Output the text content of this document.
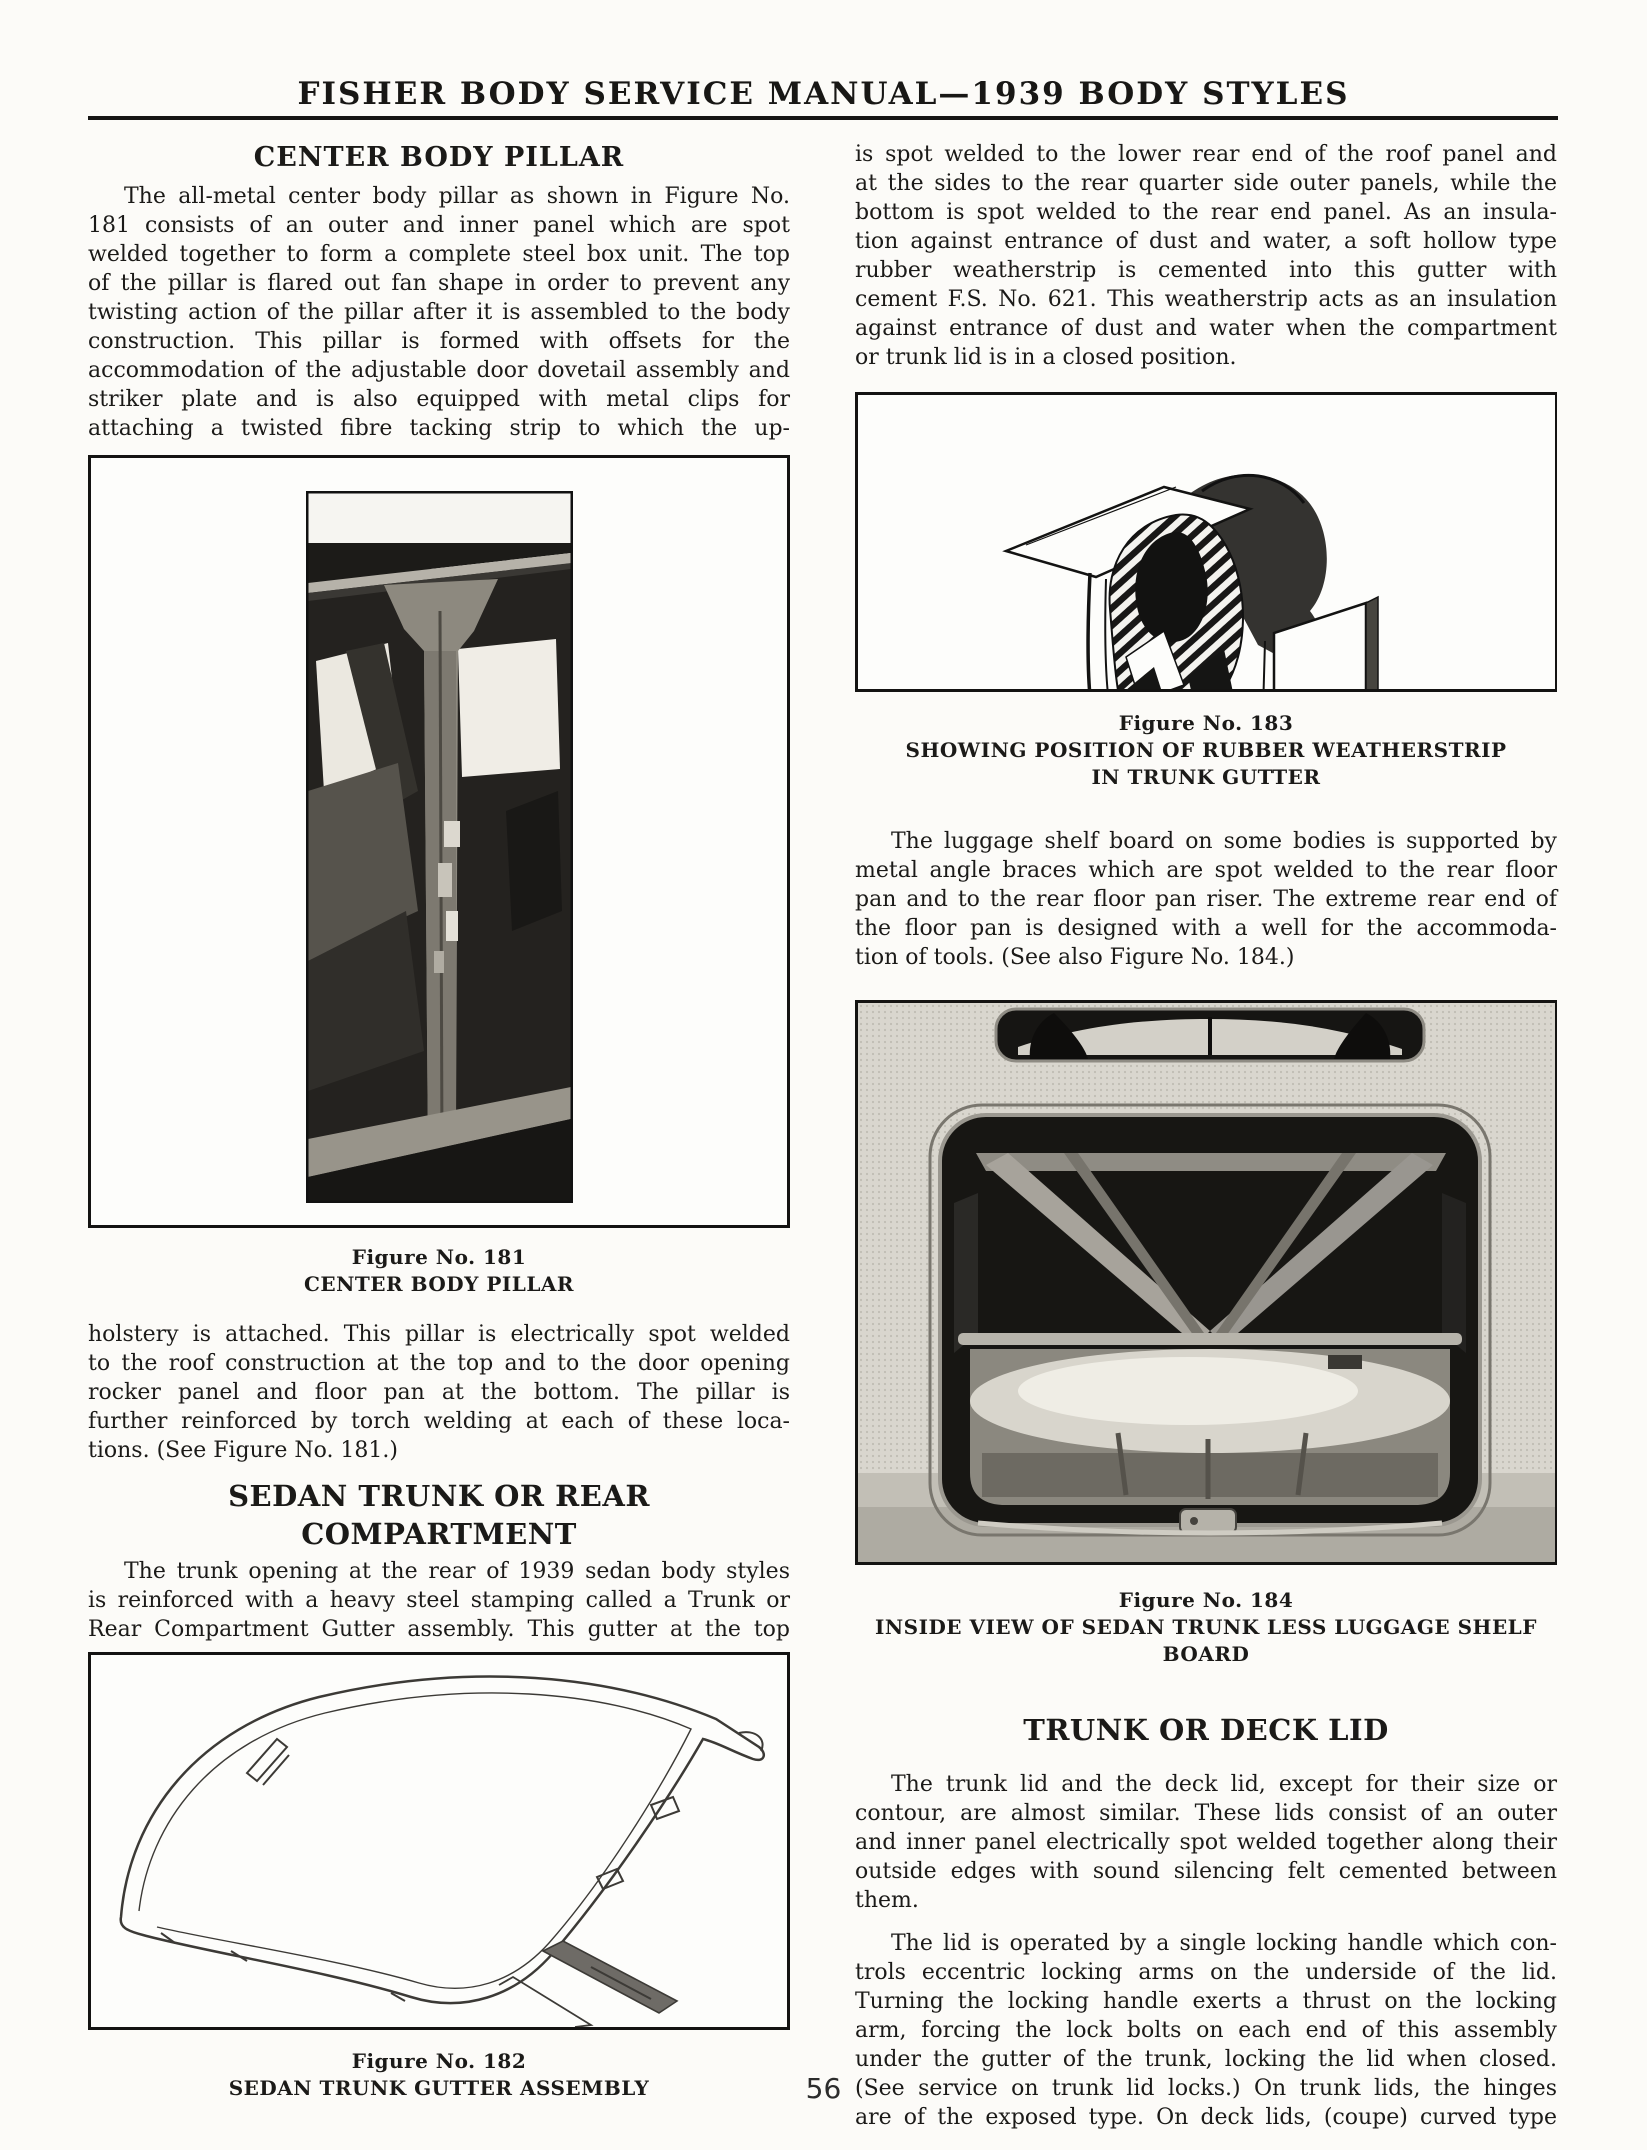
FISHER BODY SERVICE MANUAL—1939 BODY STYLES
CENTER BODY PILLAR
The all-metal center body pillar as shown in Figure No.
181 consists of an outer and inner panel which are spot
welded together to form a complete steel box unit. The top
of the pillar is flared out fan shape in order to prevent any
twisting action of the pillar after it is assembled to the body
construction. This pillar is formed with offsets for the
accommodation of the adjustable door dovetail assembly and
striker plate and is also equipped with metal clips for
attaching a twisted fibre tacking strip to which the up-
Figure No. 181
CENTER BODY PILLAR
holstery is attached. This pillar is electrically spot welded
to the roof construction at the top and to the door opening
rocker panel and floor pan at the bottom. The pillar is
further reinforced by torch welding at each of these loca-
tions. (See Figure No. 181.)
SEDAN TRUNK OR REAR COMPARTMENT
The trunk opening at the rear of 1939 sedan body styles
is reinforced with a heavy steel stamping called a Trunk or
Rear Compartment Gutter assembly. This gutter at the top
Figure No. 182
SEDAN TRUNK GUTTER ASSEMBLY
is spot welded to the lower rear end of the roof panel and
at the sides to the rear quarter side outer panels, while the
bottom is spot welded to the rear end panel. As an insula-
tion against entrance of dust and water, a soft hollow type
rubber weatherstrip is cemented into this gutter with
cement F.S. No. 621. This weatherstrip acts as an insulation
against entrance of dust and water when the compartment
or trunk lid is in a closed position.
Figure No. 183
SHOWING POSITION OF RUBBER WEATHERSTRIP
IN TRUNK GUTTER
The luggage shelf board on some bodies is supported by
metal angle braces which are spot welded to the rear floor
pan and to the rear floor pan riser. The extreme rear end of
the floor pan is designed with a well for the accommoda-
tion of tools. (See also Figure No. 184.)
Figure No. 184
INSIDE VIEW OF SEDAN TRUNK LESS LUGGAGE SHELF BOARD
TRUNK OR DECK LID
The trunk lid and the deck lid, except for their size or
contour, are almost similar. These lids consist of an outer
and inner panel electrically spot welded together along their
outside edges with sound silencing felt cemented between
them.
The lid is operated by a single locking handle which con-
trols eccentric locking arms on the underside of the lid.
Turning the locking handle exerts a thrust on the locking
arm, forcing the lock bolts on each end of this assembly
under the gutter of the trunk, locking the lid when closed.
(See service on trunk lid locks.) On trunk lids, the hinges
are of the exposed type. On deck lids, (coupe) curved type
56
